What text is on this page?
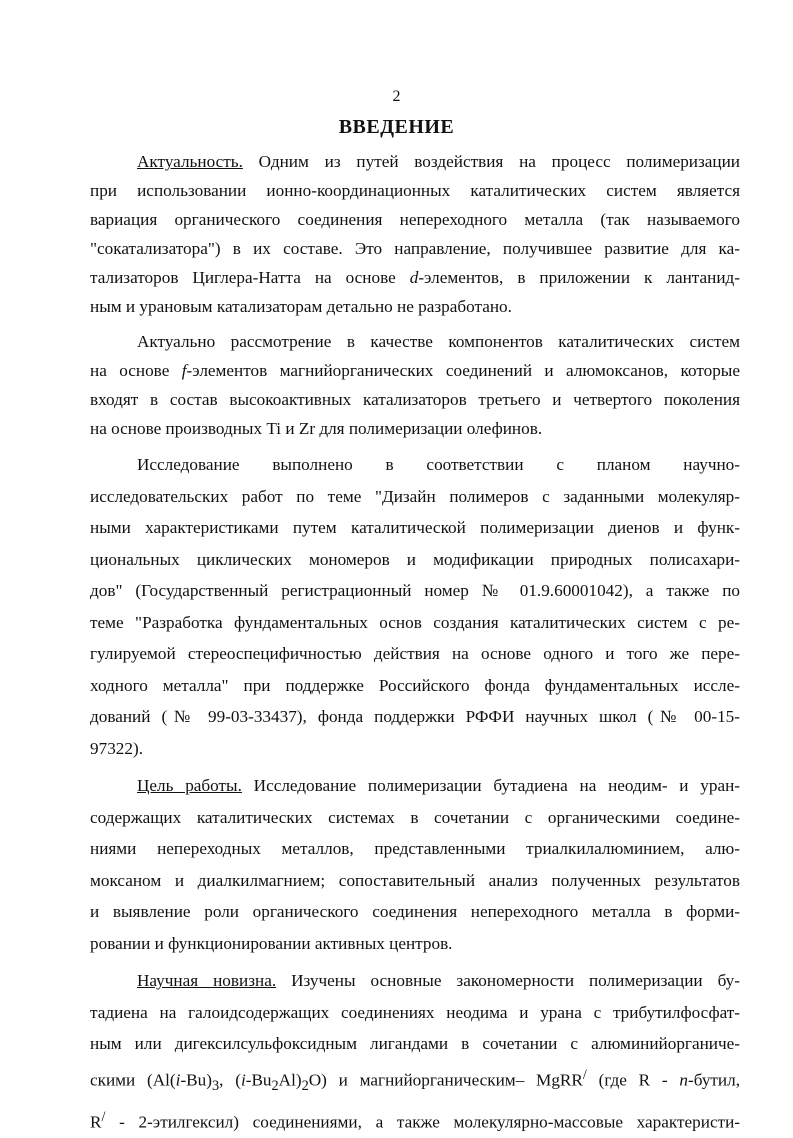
2
ВВЕДЕНИЕ
Актуальность. Одним из путей воздействия на процесс полимеризации
при использовании ионно-координационных каталитических систем является
вариация органического соединения непереходного металла (так называемого
"сокатализатора") в их составе. Это направление, получившее развитие для ка-
тализаторов Циглера-Натта на основе d-элементов, в приложении к лантанид-
ным и урановым катализаторам детально не разработано.
Актуально рассмотрение в качестве компонентов каталитических систем
на основе f-элементов магнийорганических соединений и алюмоксанов, которые
входят в состав высокоактивных катализаторов третьего и четвертого поколения
на основе производных Ti и Zr для полимеризации олефинов.
Исследование выполнено в соответствии с планом научно-
исследовательских работ по теме "Дизайн полимеров с заданными молекуляр-
ными характеристиками путем каталитической полимеризации диенов и функ-
циональных циклических мономеров и модификации природных полисахари-
дов" (Государственный регистрационный номер № 01.9.60001042), а также по
теме "Разработка фундаментальных основ создания каталитических систем с ре-
гулируемой стереоспецифичностью действия на основе одного и того же пере-
ходного металла" при поддержке Российского фонда фундаментальных иссле-
дований (№ 99-03-33437), фонда поддержки РФФИ научных школ (№ 00-15-
97322).
Цель работы. Исследование полимеризации бутадиена на неодим- и уран-
содержащих каталитических системах в сочетании с органическими соедине-
ниями непереходных металлов, представленными триалкилалюминием, алю-
моксаном и диалкилмагнием; сопоставительный анализ полученных результатов
и выявление роли органического соединения непереходного металла в форми-
ровании и функционировании активных центров.
Научная новизна. Изучены основные закономерности полимеризации бу-
тадиена на галоидсодержащих соединениях неодима и урана с трибутилфосфат-
ным или дигексилсульфоксидным лигандами в сочетании с алюминийорганиче-
скими ($Al(i-Bu)_3$, $(i-Bu_2Al)_2O$) и магнийорганическим– MgRR/ (где R - n-бутил,
R/ - 2-этилгексил) соединениями, а также молекулярно-массовые характеристи-
